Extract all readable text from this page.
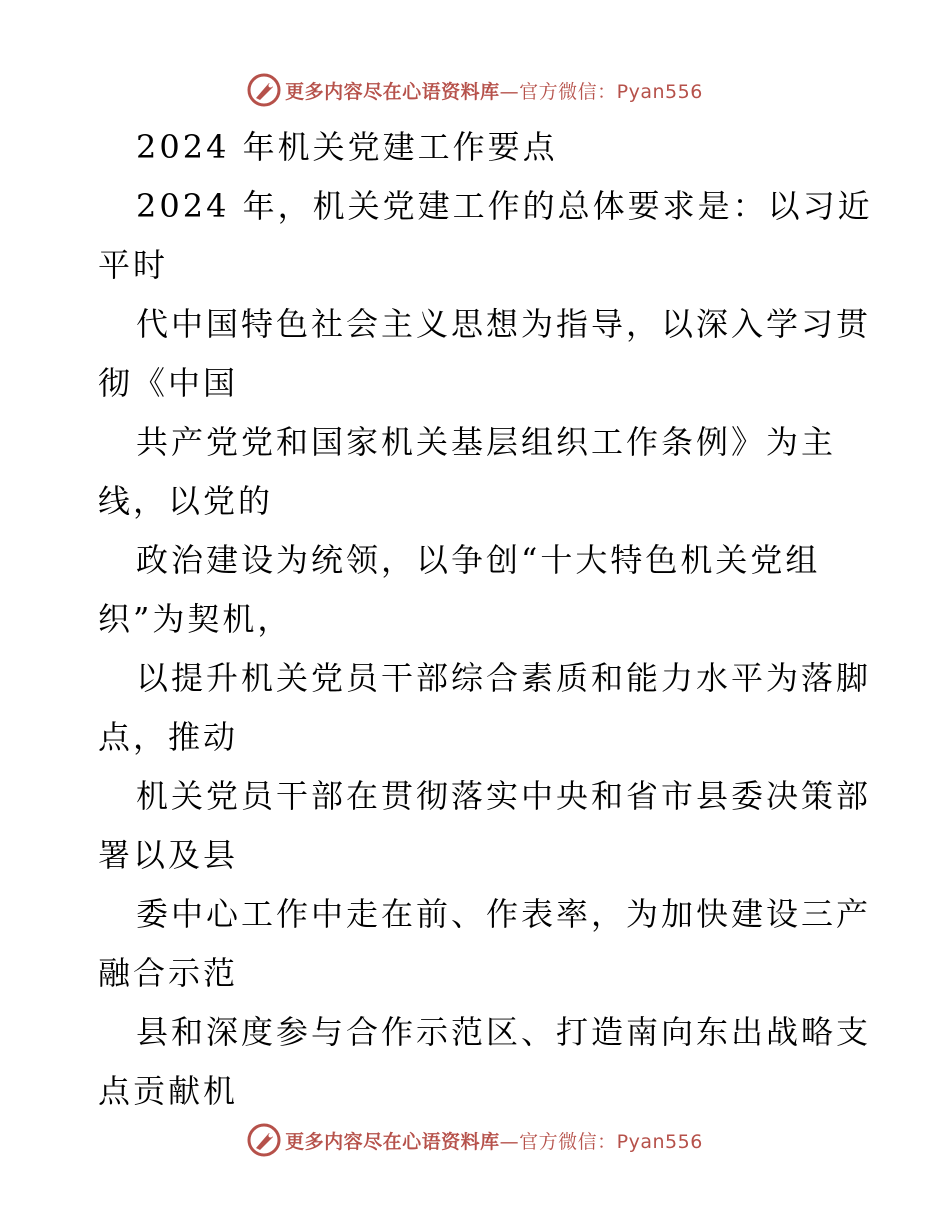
更多内容尽在心语资料库—官方微信：Pyan556
2024 年机关党建工作要点
2024 年，机关党建工作的总体要求是：以习近
平时
代中国特色社会主义思想为指导，以深入学习贯
彻《中国
共产党党和国家机关基层组织工作条例》为主
线，以党的
政治建设为统领，以争创“十大特色机关党组
织”为契机，
以提升机关党员干部综合素质和能力水平为落脚
点，推动
机关党员干部在贯彻落实中央和省市县委决策部
署以及县
委中心工作中走在前、作表率，为加快建设三产
融合示范
县和深度参与合作示范区、打造南向东出战略支
点贡献机
更多内容尽在心语资料库—官方微信：Pyan556
